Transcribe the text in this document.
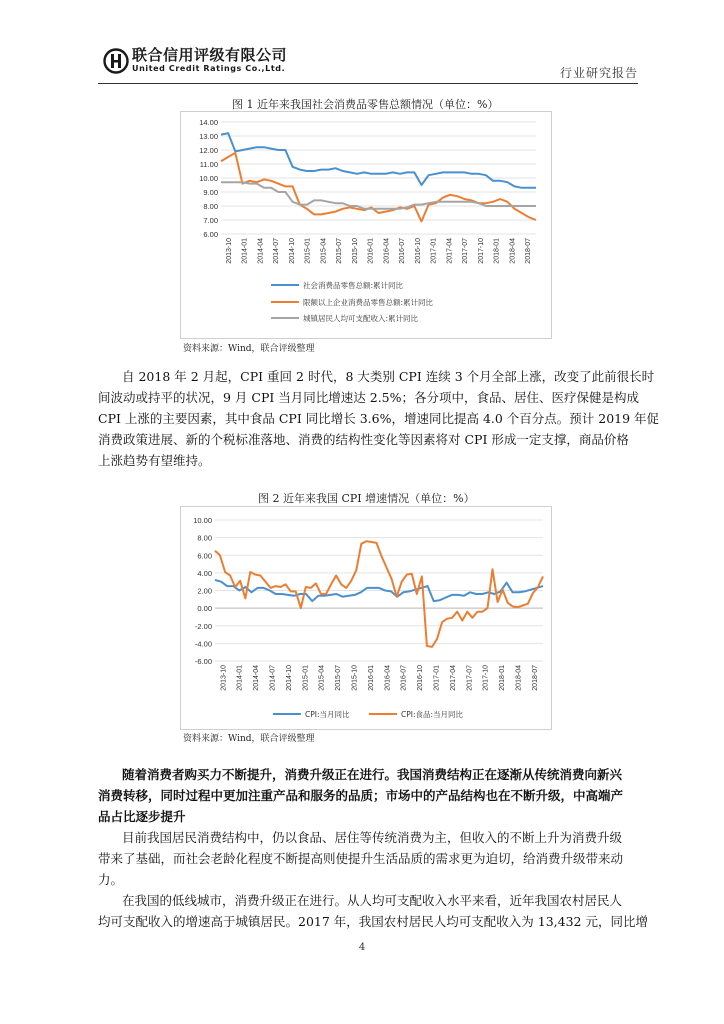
联合信用评级有限公司
United Credit Ratings Co.,Ltd.	行业研究报告
图 1 近年来我国社会消费品零售总额情况（单位：%）
14.00
13.00
12.00
11.00
10.00
9.00
8.00
7.00
6.00
2013-10 2014-01 2014-04 2014-07 2014-10 2015-01 2015-04 2015-07 2015-10 2016-01 2016-04 2016-07 2016-10 2017-01 2017-04 2017-07 2017-10 2018-01 2018-04 2018-07
社会消费品零售总额:累计同比
限额以上企业消费品零售总额:累计同比
城镇居民人均可支配收入:累计同比
资料来源：Wind，联合评级整理
自 2018 年 2 月起，CPI 重回 2 时代，8 大类别 CPI 连续 3 个月全部上涨，改变了此前很长时
间波动或持平的状况，9 月 CPI 当月同比增速达 2.5%；各分项中，食品、居住、医疗保健是构成
CPI 上涨的主要因素，其中食品 CPI 同比增长 3.6%，增速同比提高 4.0 个百分点。预计 2019 年促
消费政策进展、新的个税标准落地、消费的结构性变化等因素将对 CPI 形成一定支撑，商品价格
上涨趋势有望维持。
图 2 近年来我国 CPI 增速情况（单位：%）
10.00
8.00
6.00
4.00
2.00
0.00
-2.00
-4.00
-6.00
2013-10 2014-01 2014-04 2014-07 2014-10 2015-01 2015-04 2015-07 2015-10 2016-01 2016-04 2016-07 2016-10 2017-01 2017-04 2017-07 2017-10 2018-01 2018-04 2018-07
CPI:当月同比	CPI:食品:当月同比
资料来源：Wind，联合评级整理
随着消费者购买力不断提升，消费升级正在进行。我国消费结构正在逐渐从传统消费向新兴
消费转移，同时过程中更加注重产品和服务的品质；市场中的产品结构也在不断升级，中高端产
品占比逐步提升
目前我国居民消费结构中，仍以食品、居住等传统消费为主，但收入的不断上升为消费升级
带来了基础，而社会老龄化程度不断提高则使提升生活品质的需求更为迫切，给消费升级带来动
力。
在我国的低线城市，消费升级正在进行。从人均可支配收入水平来看，近年我国农村居民人
均可支配收入的增速高于城镇居民。2017 年，我国农村居民人均可支配收入为 13,432 元，同比增
4
